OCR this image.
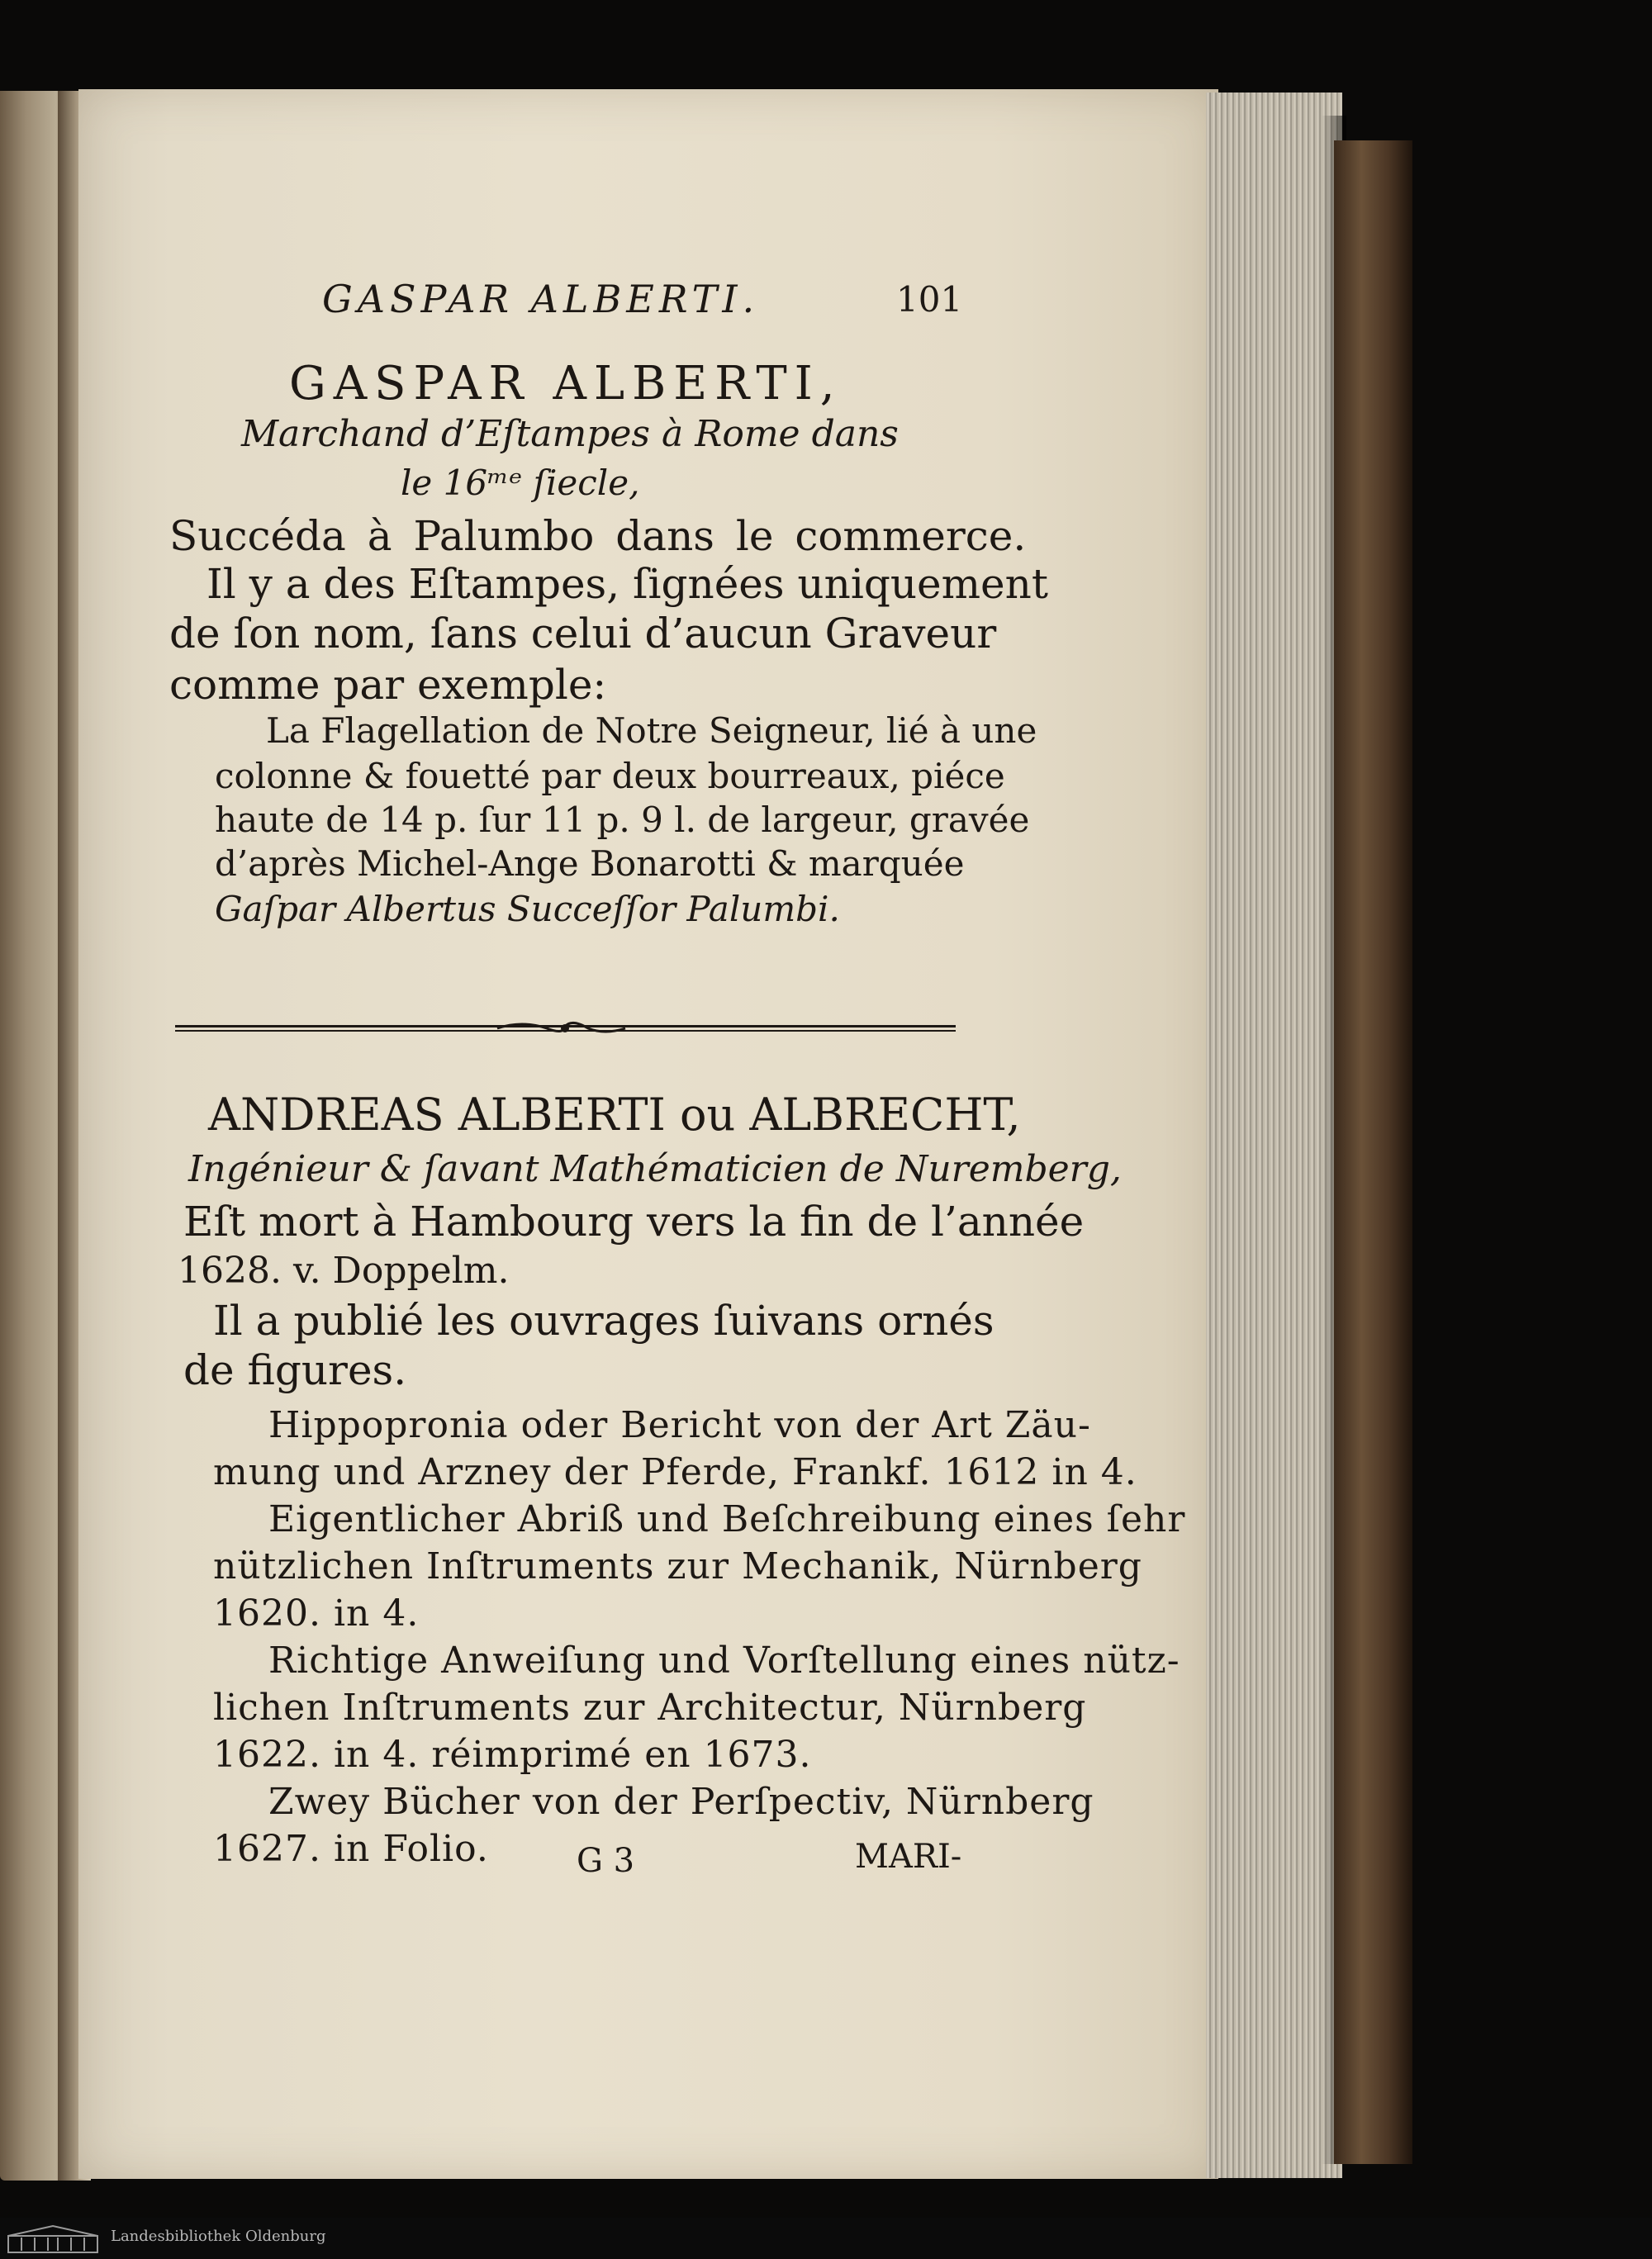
GASPAR ALBERTI.	101
GASPAR ALBERTI,
Marchand d’Eſtampes à Rome dans
le 16ᵐᵉ ſiecle,
Succéda à Palumbo dans le commerce.
Il y a des Eſtampes, ſignées uniquement
de ſon nom, ſans celui d’aucun Graveur
comme par exemple:
La Flagellation de Notre Seigneur, lié à une
colonne & fouetté par deux bourreaux, piéce
haute de 14 p. ſur 11 p. 9 l. de largeur, gravée
d’après Michel-Ange Bonarotti & marquée
Gaſpar Albertus Succeſſor Palumbi.
ANDREAS ALBERTI ou ALBRECHT,
Ingénieur & ſavant Mathématicien de Nuremberg,
Eſt mort à Hambourg vers la fin de l’année
1628. v. Doppelm.
Il a publié les ouvrages ſuivans ornés
de figures.
Hippopronia oder Bericht von der Art Zäu-
mung und Arzney der Pferde, Frankf. 1612 in 4.
Eigentlicher Abriß und Beſchreibung eines ſehr
nützlichen Inſtruments zur Mechanik, Nürnberg
1620. in 4.
Richtige Anweiſung und Vorſtellung eines nütz-
lichen Inſtruments zur Architectur, Nürnberg
1622. in 4. réimprimé en 1673.
Zwey Bücher von der Perſpectiv, Nürnberg
1627. in Folio.	G 3	MARI-
Landesbibliothek Oldenburg
